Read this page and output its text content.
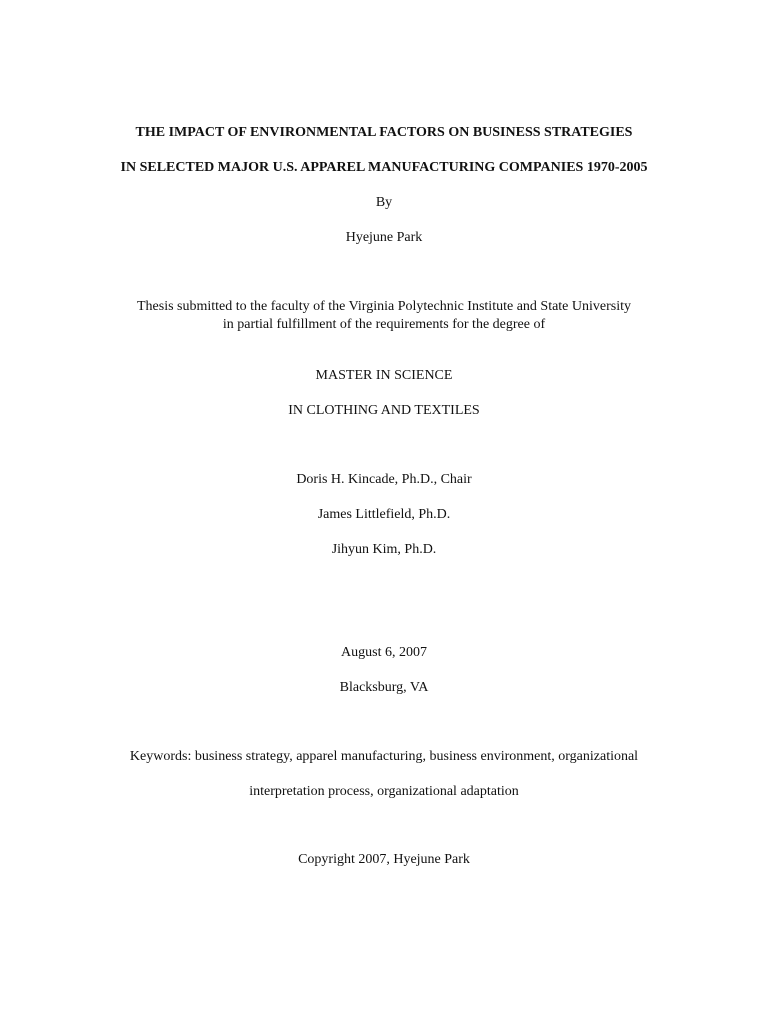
THE IMPACT OF ENVIRONMENTAL FACTORS ON BUSINESS STRATEGIES
IN SELECTED MAJOR U.S. APPAREL MANUFACTURING COMPANIES 1970-2005
By
Hyejune Park
Thesis submitted to the faculty of the Virginia Polytechnic Institute and State University
in partial fulfillment of the requirements for the degree of
MASTER IN SCIENCE
IN CLOTHING AND TEXTILES
Doris H. Kincade, Ph.D., Chair
James Littlefield, Ph.D.
Jihyun Kim, Ph.D.
August 6, 2007
Blacksburg, VA
Keywords: business strategy, apparel manufacturing, business environment, organizational
interpretation process, organizational adaptation
Copyright 2007, Hyejune Park
